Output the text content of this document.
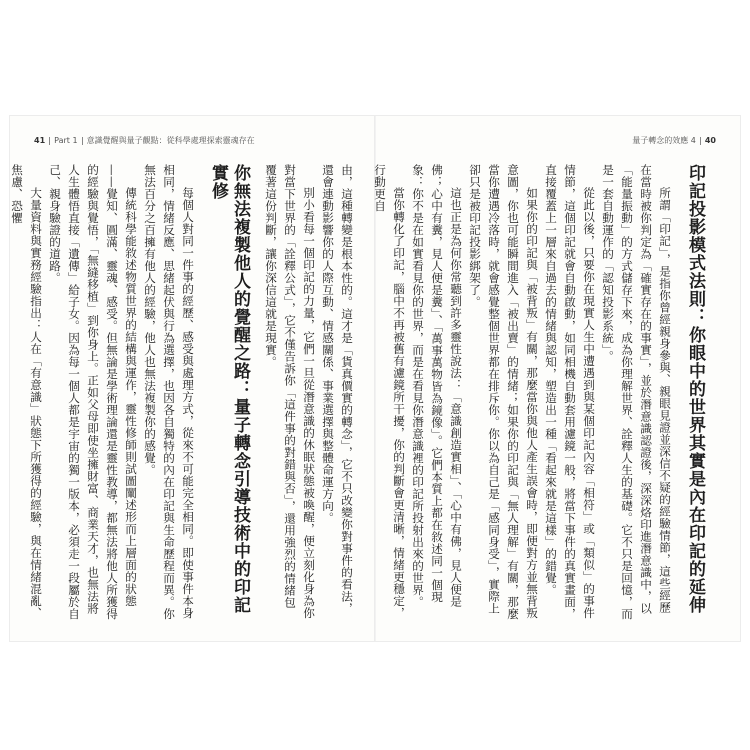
41 Part 1 意識覺醒與量子觀點：從科學處理探索靈魂存在	量子轉念的效應 4 40
印記投影模式法則：你眼中的世界其實是內在印記的延伸

所謂「印記」，是指你曾經親身參與、親眼見證並深信不疑的經驗情節，這些經歷在當時被你判定為「確實存在的事實」，並於潛意識認證後，深深烙印進潛意識中，以「能量振動」的方式儲存下來，成為你理解世界、詮釋人生的基礎。它不只是回憶，而是一套自動運作的「認知投影系統」。

從此以後，只要你在現實人生中遭遇到與某個印記內容「相符」或「類似」的事件情節，這個印記就會自動啟動，如同相機自動套用濾鏡一般，將當下事件的真實畫面，直接覆蓋上一層來自過去的情緒與認知，塑造出一種「看起來就是這樣」的錯覺。

如果你的印記與「被背叛」有關，那麼當你與他人產生誤會時，即便對方並無背叛意圖，你也可能瞬間進入「被出賣」的情緒；如果你的印記與「無人理解」有關，那麼當你遭遇冷落時，就會感覺整個世界都在排斥你。你以為自己是「感同身受」，實際上卻只是被印記投影綁架了。

這也正是為何你常聽到許多靈性說法：「意識創造實相」、「心中有佛，見人便是佛；心中有糞，見人便是糞」、「萬事萬物皆為鏡像」。它們本質上都在敘述同一個現象：你不是在如實看見你的世界，而是在看見你潛意識裡的印記所投射出來的世界。

當你轉化了印記，腦中不再被舊有濾鏡所干擾，你的判斷會更清晰，情緒更穩定，行動更自

由，這種轉變是根本性的。這才是「貨真價實的轉念」，它不只改變你對事件的看法，還會連動影響你的人際互動、情感關係、事業選擇與整體命運方向。

別小看每一個印記的力量，它們一旦從潛意識的休眠狀態被喚醒，便立刻化身為你對當下世界的「詮釋公式」，它不僅告訴你「這件事的對錯與否」，還用強烈的情緒包覆著這份判斷，讓你深信這就是現實。

你無法複製他人的覺醒之路：量子轉念引導技術中的印記實修

每個人對同一件事的經歷、感受與處理方式，從來不可能完全相同。即使事件本身相同，情緒反應、思緒起伏與行為選擇，也因各自獨特的內在印記與生命歷程而異。你無法百分之百擁有他人的經驗，他人也無法複製你的感覺。

傳統科學能敘述物質世界的結構與運作，靈性修師則試圖闡述形而上層面的狀態——覺知、圓滿、靈魂、感受。但無論是學術理論還是靈性教導，都無法將他人所獲得的經驗與覺悟，「無縫移植」到你身上。正如父母即使坐擁財富、商業天才，也無法將人生體悟直接「遺傳」給子女。因為每一個人都是宇宙的獨一版本，必須走一段屬於自己、親身驗證的道路。

大量資料與實務經驗指出：人在「有意識」狀態下所獲得的經驗，與在情緒混亂、焦慮、恐懼
